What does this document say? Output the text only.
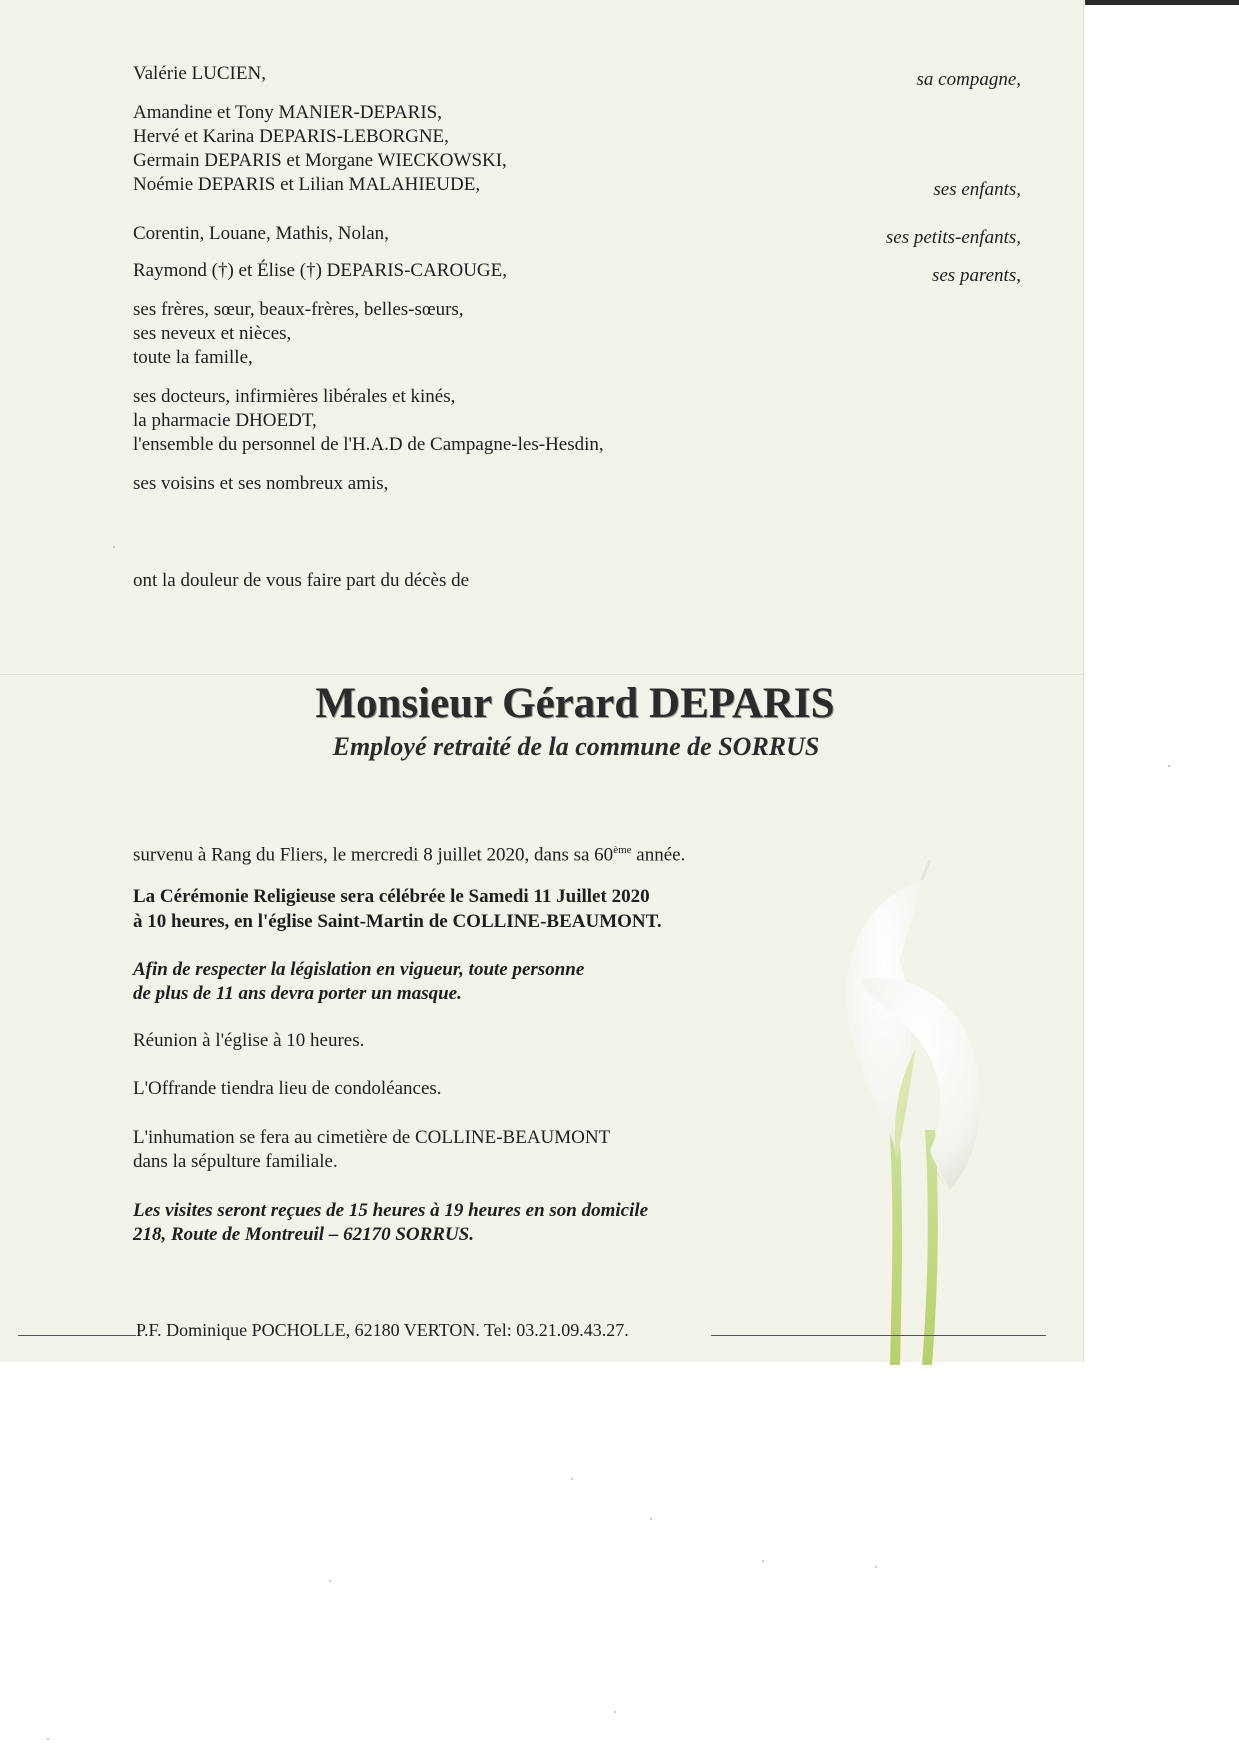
Valérie LUCIEN,	sa compagne,
Amandine et Tony MANIER-DEPARIS,
Hervé et Karina DEPARIS-LEBORGNE,
Germain DEPARIS et Morgane WIECKOWSKI,
Noémie DEPARIS et Lilian MALAHIEUDE,	ses enfants,
Corentin, Louane, Mathis, Nolan,	ses petits-enfants,
Raymond (†) et Élise (†) DEPARIS-CAROUGE,	ses parents,
ses frères, sœur, beaux-frères, belles-sœurs,
ses neveux et nièces,
toute la famille,
ses docteurs, infirmières libérales et kinés,
la pharmacie DHOEDT,
l'ensemble du personnel de l'H.A.D de Campagne-les-Hesdin,
ses voisins et ses nombreux amis,
ont la douleur de vous faire part du décès de
Monsieur Gérard DEPARIS
Employé retraité de la commune de SORRUS
survenu à Rang du Fliers, le mercredi 8 juillet 2020, dans sa 60ème année.
La Cérémonie Religieuse sera célébrée le Samedi 11 Juillet 2020
à 10 heures, en l'église Saint-Martin de COLLINE-BEAUMONT.
Afin de respecter la législation en vigueur, toute personne
de plus de 11 ans devra porter un masque.
Réunion à l'église à 10 heures.
L'Offrande tiendra lieu de condoléances.
L'inhumation se fera au cimetière de COLLINE-BEAUMONT
dans la sépulture familiale.
Les visites seront reçues de 15 heures à 19 heures en son domicile
218, Route de Montreuil – 62170 SORRUS.
P.F. Dominique POCHOLLE, 62180 VERTON. Tel: 03.21.09.43.27.
